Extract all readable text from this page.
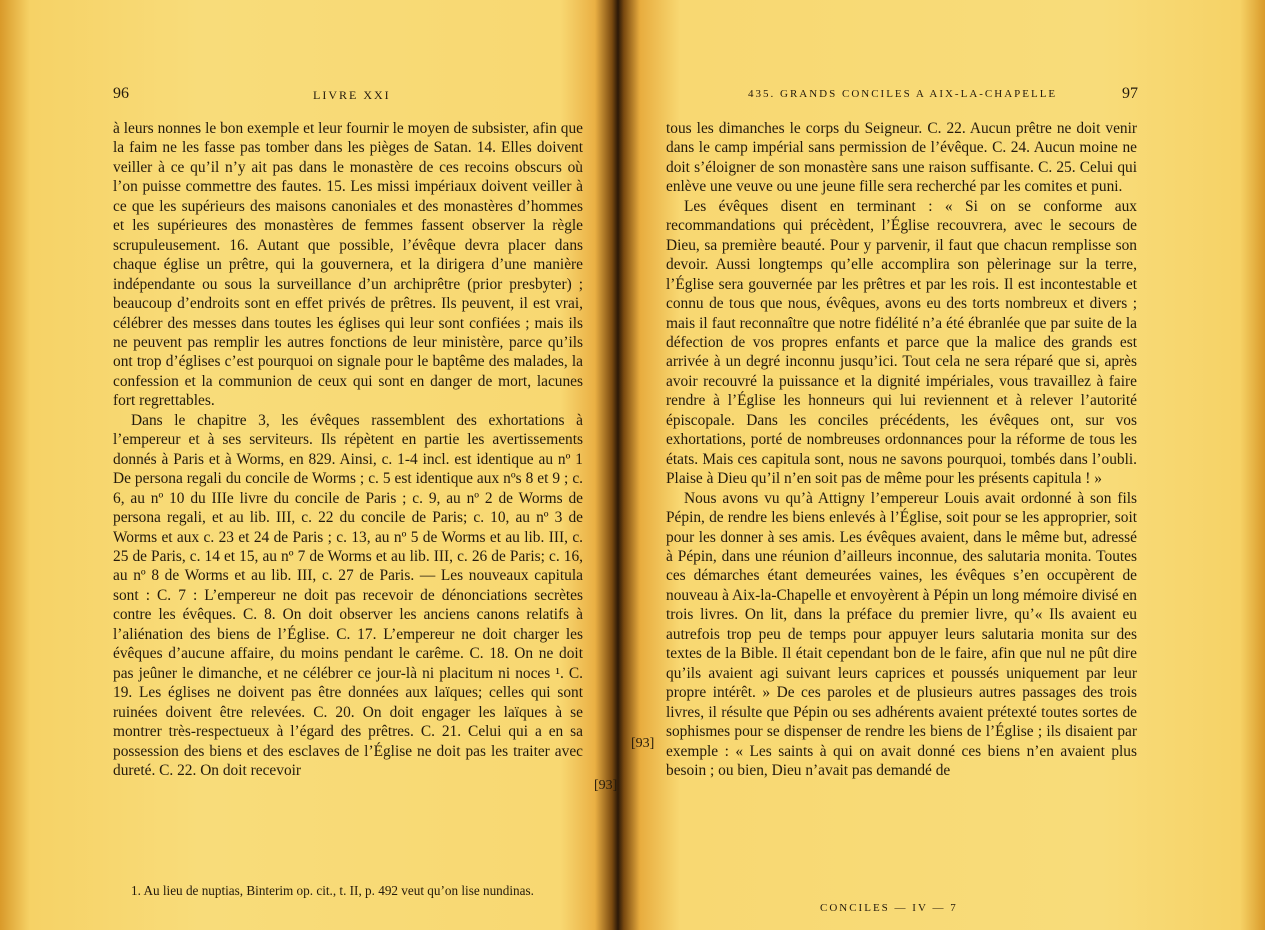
96	LIVRE XXI

à leurs nonnes le bon exemple et leur fournir le moyen de subsister, afin que la faim ne les fasse pas tomber dans les pièges de Satan. 14. Elles doivent veiller à ce qu’il n’y ait pas dans le monastère de ces recoins obscurs où l’on puisse commettre des fautes. 15. Les missi impériaux doivent veiller à ce que les supérieurs des maisons canoniales et des monastères d’hommes et les supérieures des monastères de femmes fassent observer la règle scrupuleusement. 16. Autant que possible, l’évêque devra placer dans chaque église un prêtre, qui la gouvernera, et la dirigera d’une manière indépendante ou sous la surveillance d’un archiprêtre (prior presbyter) ; beaucoup d’endroits sont en effet privés de prêtres. Ils peuvent, il est vrai, célébrer des messes dans toutes les églises qui leur sont confiées ; mais ils ne peuvent pas remplir les autres fonctions de leur ministère, parce qu’ils ont trop d’églises c’est pourquoi on signale pour le baptême des malades, la confession et la communion de ceux qui sont en danger de mort, lacunes fort regrettables.

Dans le chapitre 3, les évêques rassemblent des exhortations à l’empereur et à ses serviteurs. Ils répètent en partie les avertissements donnés à Paris et à Worms, en 829. Ainsi, c. 1-4 incl. est identique au nº 1 De persona regali du concile de Worms ; c. 5 est identique aux nºs 8 et 9 ; c. 6, au nº 10 du IIIe livre du concile de Paris ; c. 9, au nº 2 de Worms de persona regali, et au lib. III, c. 22 du concile de Paris; c. 10, au nº 3 de Worms et aux c. 23 et 24 de Paris ; c. 13, au nº 5 de Worms et au lib. III, c. 25 de Paris, c. 14 et 15, au nº 7 de Worms et au lib. III, c. 26 de Paris; c. 16, au nº 8 de Worms et au lib. III, c. 27 de Paris. — Les nouveaux capitula sont : C. 7 : L’empereur ne doit pas recevoir de dénonciations secrètes contre les évêques. C. 8. On doit observer les anciens canons relatifs à l’aliénation des biens de l’Église. C. 17. L’empereur ne doit charger les évêques d’aucune affaire, du moins pendant le carême. C. 18. On ne doit pas jeûner le dimanche, et ne célébrer ce jour-là ni placitum ni noces ¹. C. 19. Les églises ne doivent pas être données aux laïques; celles qui sont ruinées doivent être relevées. C. 20. On doit engager les laïques à se montrer très-respectueux à l’égard des prêtres. C. 21. Celui qui a en sa possession des biens et des esclaves de l’Église ne doit pas les traiter avec dureté. C. 22. On doit recevoir

1. Au lieu de nuptias, Binterim op. cit., t. II, p. 492 veut qu’on lise nundinas.
[93]
[93]
435. GRANDS CONCILES A AIX-LA-CHAPELLE	97

tous les dimanches le corps du Seigneur. C. 22. Aucun prêtre ne doit venir dans le camp impérial sans permission de l’évêque. C. 24. Aucun moine ne doit s’éloigner de son monastère sans une raison suffisante. C. 25. Celui qui enlève une veuve ou une jeune fille sera recherché par les comites et puni.

Les évêques disent en terminant : « Si on se conforme aux recommandations qui précèdent, l’Église recouvrera, avec le secours de Dieu, sa première beauté. Pour y parvenir, il faut que chacun remplisse son devoir. Aussi longtemps qu’elle accomplira son pèlerinage sur la terre, l’Église sera gouvernée par les prêtres et par les rois. Il est incontestable et connu de tous que nous, évêques, avons eu des torts nombreux et divers ; mais il faut reconnaître que notre fidélité n’a été ébranlée que par suite de la défection de vos propres enfants et parce que la malice des grands est arrivée à un degré inconnu jusqu’ici. Tout cela ne sera réparé que si, après avoir recouvré la puissance et la dignité impériales, vous travaillez à faire rendre à l’Église les honneurs qui lui reviennent et à relever l’autorité épiscopale. Dans les conciles précédents, les évêques ont, sur vos exhortations, porté de nombreuses ordonnances pour la réforme de tous les états. Mais ces capitula sont, nous ne savons pourquoi, tombés dans l’oubli. Plaise à Dieu qu’il n’en soit pas de même pour les présents capitula ! »

Nous avons vu qu’à Attigny l’empereur Louis avait ordonné à son fils Pépin, de rendre les biens enlevés à l’Église, soit pour se les approprier, soit pour les donner à ses amis. Les évêques avaient, dans le même but, adressé à Pépin, dans une réunion d’ailleurs inconnue, des salutaria monita. Toutes ces démarches étant demeurées vaines, les évêques s’en occupèrent de nouveau à Aix-la-Chapelle et envoyèrent à Pépin un long mémoire divisé en trois livres. On lit, dans la préface du premier livre, qu’« Ils avaient eu autrefois trop peu de temps pour appuyer leurs salutaria monita sur des textes de la Bible. Il était cependant bon de le faire, afin que nul ne pût dire qu’ils avaient agi suivant leurs caprices et poussés uniquement par leur propre intérêt. » De ces paroles et de plusieurs autres passages des trois livres, il résulte que Pépin ou ses adhérents avaient prétexté toutes sortes de sophismes pour se dispenser de rendre les biens de l’Église ; ils disaient par exemple : « Les saints à qui on avait donné ces biens n’en avaient plus besoin ; ou bien, Dieu n’avait pas demandé de

CONCILES — IV — 7
